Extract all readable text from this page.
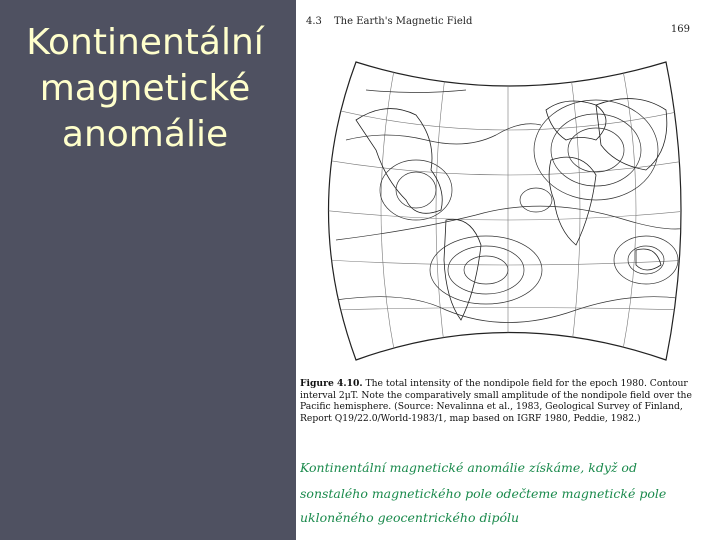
Kontinentální
magnetické
anomálie
4.3 The Earth's Magnetic Field
169
Figure 4.10. The total intensity of the nondipole field for the epoch 1980. Contour interval 2μT. Note the comparatively small amplitude of the nondipole field over the Pacific hemisphere. (Source: Nevalinna et al., 1983, Geological Survey of Finland, Report Q19/22.0/World-1983/1, map based on IGRF 1980, Peddie, 1982.)
Kontinentální magnetické anomálie získáme, když od
sonstalého magnetického pole odečteme magnetické pole
ukloněného geocentrického dipólu
